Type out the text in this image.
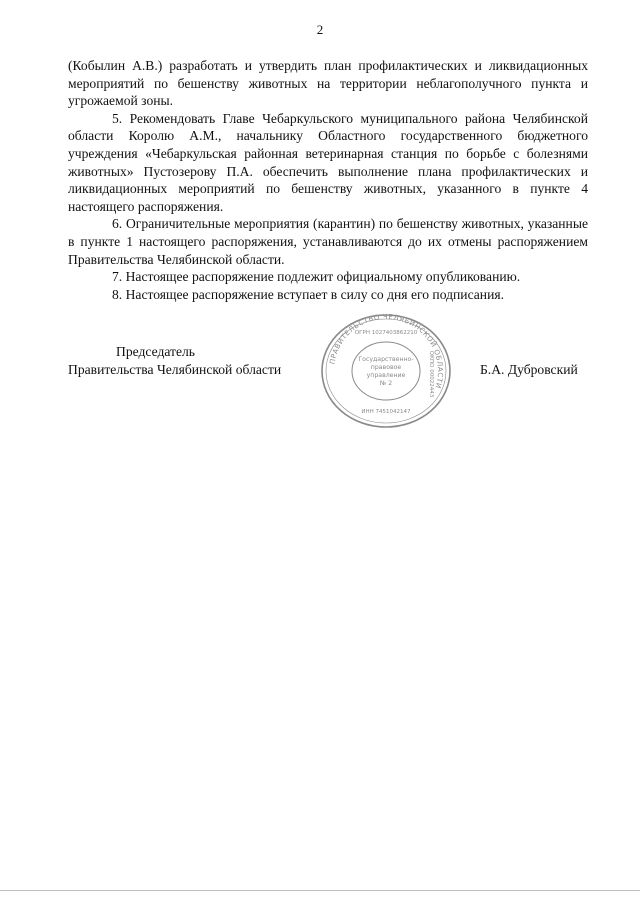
2

(Кобылин А.В.) разработать и утвердить план профилактических и ликвидационных мероприятий по бешенству животных на территории неблагополучного пункта и угрожаемой зоны.

5. Рекомендовать Главе Чебаркульского муниципального района Челябинской области Королю А.М., начальнику Областного государственного бюджетного учреждения «Чебаркульская районная ветеринарная станция по борьбе с болезнями животных» Пустозерову П.А. обеспечить выполнение плана профилактических и ликвидационных мероприятий по бешенству животных, указанного в пункте 4 настоящего распоряжения.

6. Ограничительные мероприятия (карантин) по бешенству животных, указанные в пункте 1 настоящего распоряжения, устанавливаются до их отмены распоряжением Правительства Челябинской области.

7. Настоящее распоряжение подлежит официальному опубликованию.

8. Настоящее распоряжение вступает в силу со дня его подписания.

Председатель
Правительства Челябинской области
ПРАВИТЕЛЬСТВО ЧЕЛЯБИНСКОЙ ОБЛАСТИ
Государственно-
правовое
управление
№ 2
ОГРН 1027403862210
ИНН 7451042147
ОКПО 00022443	Б.А. Дубровский
